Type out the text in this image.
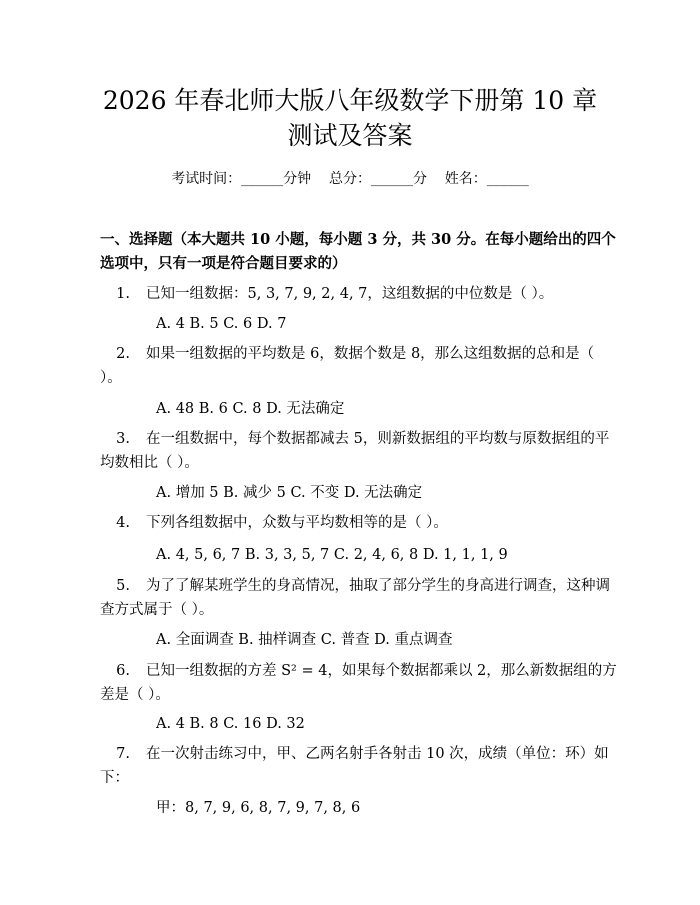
2026 年春北师大版八年级数学下册第 10 章
测试及答案
考试时间：______分钟    总分：______分    姓名：______
一、选择题（本大题共 10 小题，每小题 3 分，共 30 分。在每小题给出的四个选项中，只有一项是符合题目要求的）
1. 已知一组数据：5, 3, 7, 9, 2, 4, 7，这组数据的中位数是（ ）。
A. 4 B. 5 C. 6 D. 7
2. 如果一组数据的平均数是 6，数据个数是 8，那么这组数据的总和是（ ）。
A. 48 B. 6 C. 8 D. 无法确定
3. 在一组数据中，每个数据都减去 5，则新数据组的平均数与原数据组的平均数相比（ ）。
A. 增加 5 B. 减少 5 C. 不变 D. 无法确定
4. 下列各组数据中，众数与平均数相等的是（ ）。
A. 4, 5, 6, 7 B. 3, 3, 5, 7 C. 2, 4, 6, 8 D. 1, 1, 1, 9
5. 为了了解某班学生的身高情况，抽取了部分学生的身高进行调查，这种调查方式属于（ ）。
A. 全面调查 B. 抽样调查 C. 普查 D. 重点调查
6. 已知一组数据的方差 S² = 4，如果每个数据都乘以 2，那么新数据组的方差是（ ）。
A. 4 B. 8 C. 16 D. 32
7. 在一次射击练习中，甲、乙两名射手各射击 10 次，成绩（单位：环）如下：
甲：8, 7, 9, 6, 8, 7, 9, 7, 8, 6
